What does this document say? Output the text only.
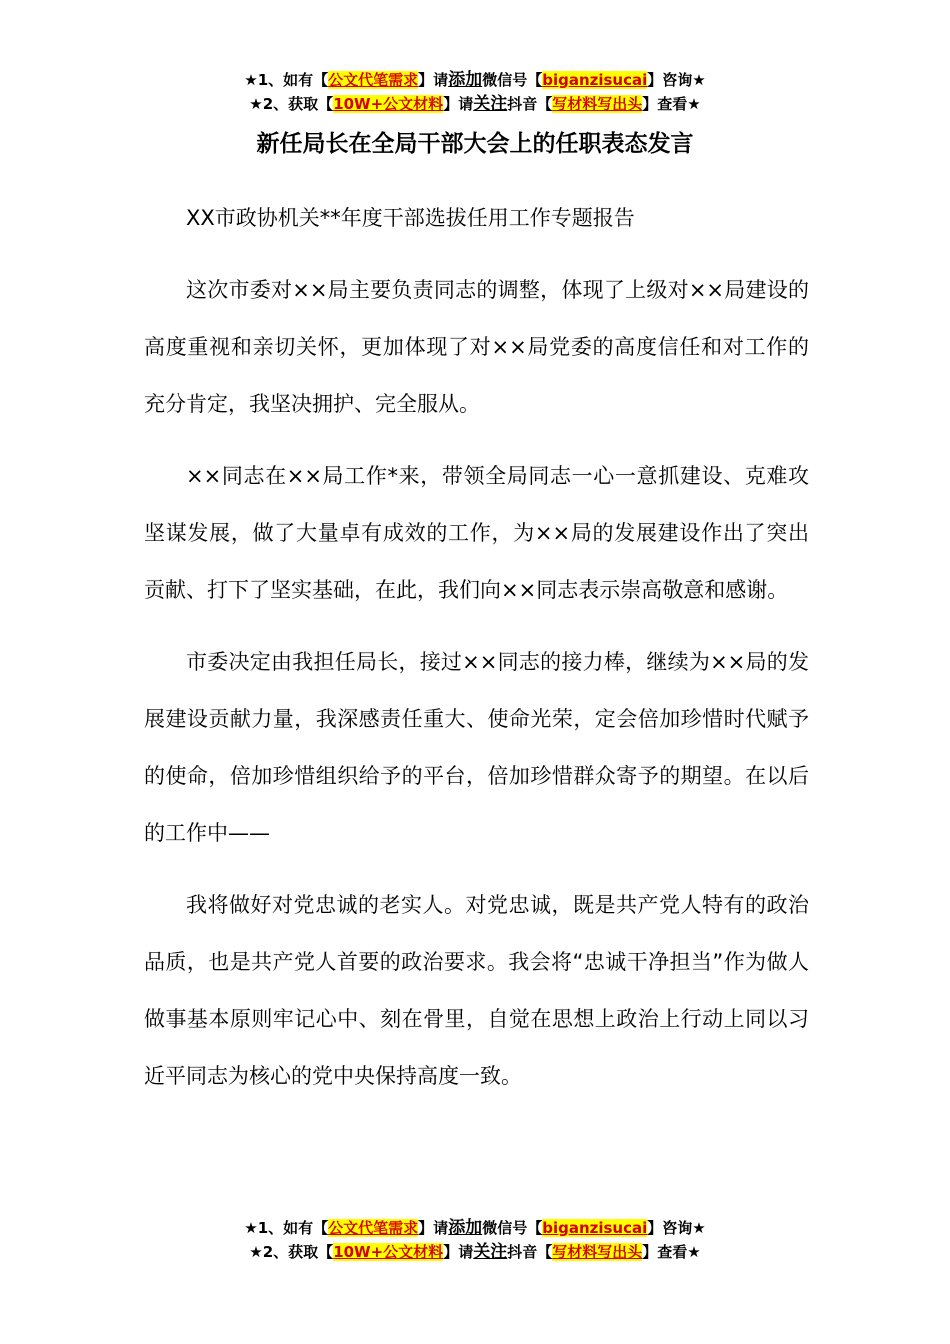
★1、如有【公文代笔需求】请添加微信号【biganzisucai】咨询★
★2、获取【10W+公文材料】请关注抖音【写材料写出头】查看★
新任局长在全局干部大会上的任职表态发言

XX市政协机关**年度干部选拔任用工作专题报告

这次市委对××局主要负责同志的调整，体现了上级对××局建设的高度重视和亲切关怀，更加体现了对××局党委的高度信任和对工作的充分肯定，我坚决拥护、完全服从。

××同志在××局工作*来，带领全局同志一心一意抓建设、克难攻坚谋发展，做了大量卓有成效的工作，为××局的发展建设作出了突出贡献、打下了坚实基础，在此，我们向××同志表示崇高敬意和感谢。

市委决定由我担任局长，接过××同志的接力棒，继续为××局的发展建设贡献力量，我深感责任重大、使命光荣，定会倍加珍惜时代赋予的使命，倍加珍惜组织给予的平台，倍加珍惜群众寄予的期望。在以后的工作中——

我将做好对党忠诚的老实人。对党忠诚，既是共产党人特有的政治品质，也是共产党人首要的政治要求。我会将“忠诚干净担当”作为做人做事基本原则牢记心中、刻在骨里，自觉在思想上政治上行动上同以习近平同志为核心的党中央保持高度一致。

★1、如有【公文代笔需求】请添加微信号【biganzisucai】咨询★
★2、获取【10W+公文材料】请关注抖音【写材料写出头】查看★
